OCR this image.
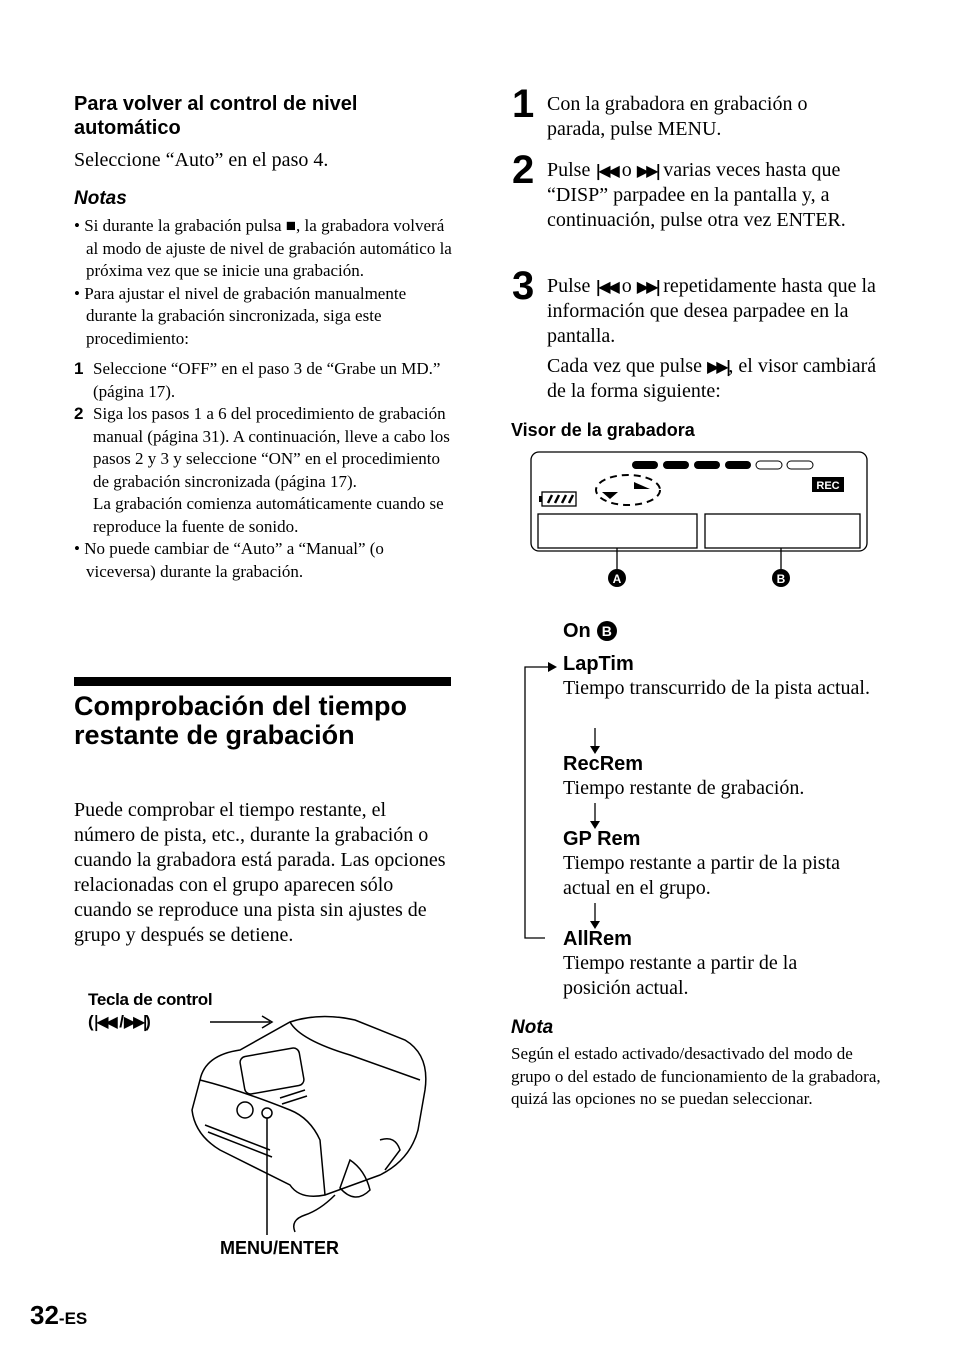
Para volver al control de nivel automático
Seleccione “Auto” en el paso 4.
Notas
• Si durante la grabación pulsa ■, la grabadora volverá al modo de ajuste de nivel de grabación automático la próxima vez que se inicie una grabación.
• Para ajustar el nivel de grabación manualmente durante la grabación sincronizada, siga este procedimiento:
1 Seleccione “OFF” en el paso 3 de “Grabe un MD.” (página 17).
2 Siga los pasos 1 a 6 del procedimiento de grabación manual (página 31). A continuación, lleve a cabo los pasos 2 y 3 y seleccione “ON” en el procedimiento de grabación sincronizada (página 17).
La grabación comienza automáticamente cuando se reproduce la fuente de sonido.
• No puede cambiar de “Auto” a “Manual” (o viceversa) durante la grabación.
Comprobación del tiempo restante de grabación
Puede comprobar el tiempo restante, el número de pista, etc., durante la grabación o cuando la grabadora está parada. Las opciones relacionadas con el grupo aparecen sólo cuando se reproduce una pista sin ajustes de grupo y después se detiene.
Tecla de control
(|◀◀ /▶▶|)
MENU/ENTER
1 Con la grabadora en grabación o parada, pulse MENU.
2 Pulse |◀◀ o ▶▶| varias veces hasta que “DISP” parpadee en la pantalla y, a continuación, pulse otra vez ENTER.
3 Pulse |◀◀ o ▶▶| repetidamente hasta que la información que desea parpadee en la pantalla.
Cada vez que pulse ▶▶|, el visor cambiará de la forma siguiente:
Visor de la grabadora
REC
A	B
On B
LapTim
Tiempo transcurrido de la pista actual.
RecRem
Tiempo restante de grabación.
GP Rem
Tiempo restante a partir de la pista actual en el grupo.
AllRem
Tiempo restante a partir de la posición actual.
Nota
Según el estado activado/desactivado del modo de grupo o del estado de funcionamiento de la grabadora, quizá las opciones no se puedan seleccionar.
32-ES
